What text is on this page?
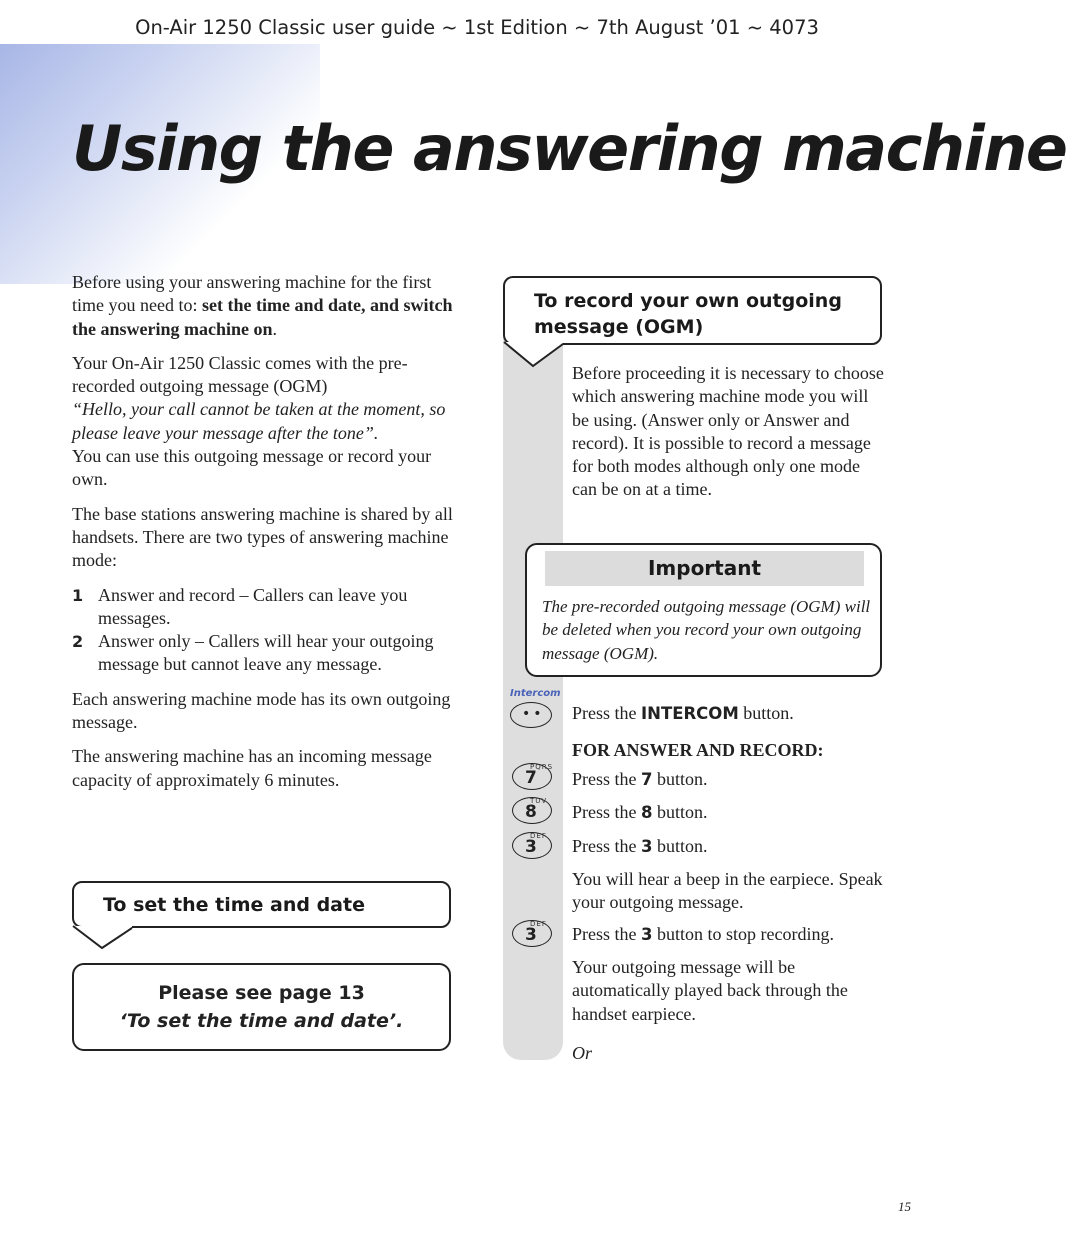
On-Air 1250 Classic user guide ~ 1st Edition ~ 7th August ’01 ~ 4073
Using the answering machine

Before using your answering machine for the first time you need to: set the time and date, and switch the answering machine on.

Your On-Air 1250 Classic comes with the pre-recorded outgoing message (OGM)
“Hello, your call cannot be taken at the moment, so please leave your message after the tone”.
You can use this outgoing message or record your own.

The base stations answering machine is shared by all handsets. There are two types of answering machine mode:

1 Answer and record – Callers can leave you messages.
2 Answer only – Callers will hear your outgoing message but cannot leave any message.

Each answering machine mode has its own outgoing message.

The answering machine has an incoming message capacity of approximately 6 minutes.

To set the time and date
Please see page 13
‘To set the time and date’.
To record your own outgoing message (OGM)

Before proceeding it is necessary to choose which answering machine mode you will be using. (Answer only or Answer and record). It is possible to record a message for both modes although only one mode can be on at a time.

Important
The pre-recorded outgoing message (OGM) will be deleted when you record your own outgoing message (OGM).
Intercom
•• Press the INTERCOM button.

FOR ANSWER AND RECORD:
PQRS
7 Press the 7 button.

TUV
8 Press the 8 button.

DEF
3 Press the 3 button.

You will hear a beep in the earpiece. Speak your outgoing message.
DEF
3 Press the 3 button to stop recording.

Your outgoing message will be automatically played back through the handset earpiece.
Or
15
